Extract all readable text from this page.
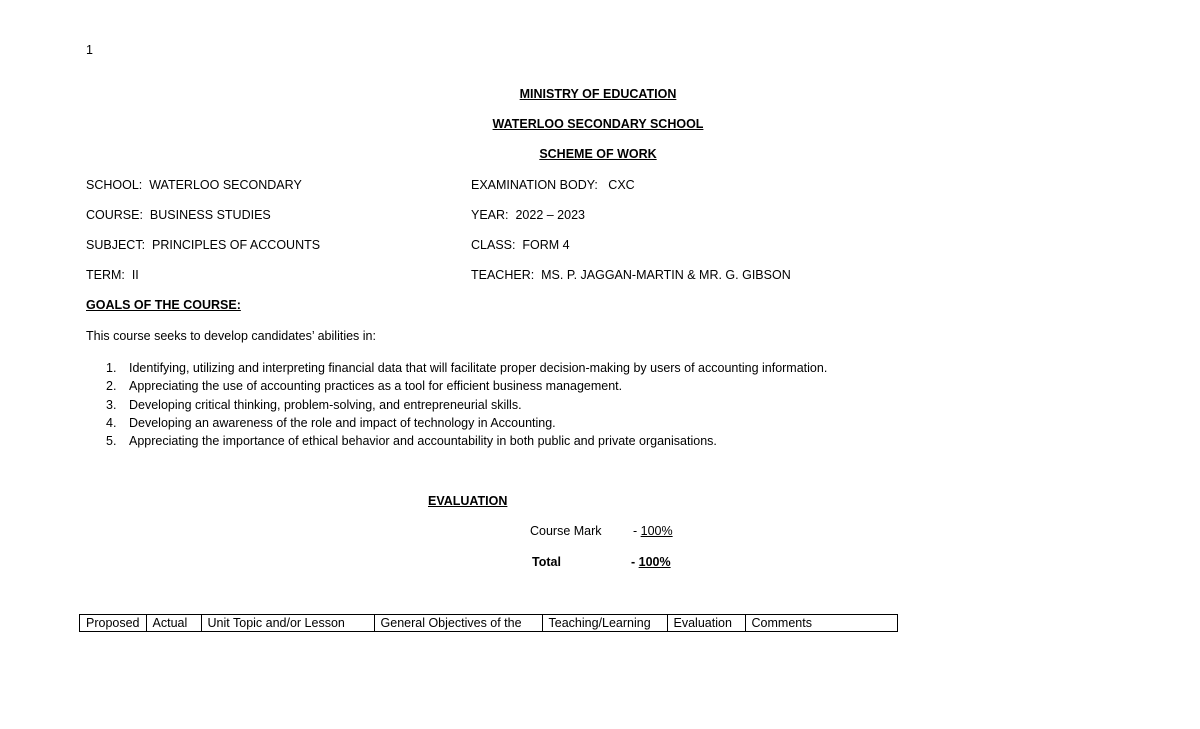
1
MINISTRY OF EDUCATION
WATERLOO SECONDARY SCHOOL
SCHEME OF WORK
SCHOOL:  WATERLOO SECONDARY	EXAMINATION BODY:   CXC
COURSE:  BUSINESS STUDIES	YEAR:  2022 – 2023
SUBJECT:  PRINCIPLES OF ACCOUNTS	CLASS:  FORM 4
TERM:  II	TEACHER:  MS. P. JAGGAN-MARTIN & MR. G. GIBSON
GOALS OF THE COURSE:
This course seeks to develop candidates’ abilities in:
1. Identifying, utilizing and interpreting financial data that will facilitate proper decision-making by users of accounting information.
2. Appreciating the use of accounting practices as a tool for efficient business management.
3. Developing critical thinking, problem-solving, and entrepreneurial skills.
4. Developing an awareness of the role and impact of technology in Accounting.
5. Appreciating the importance of ethical behavior and accountability in both public and private organisations.
EVALUATION
Course Mark	- 100%
Total	- 100%
Proposed	Actual	Unit Topic and/or Lesson	General Objectives of the	Teaching/Learning	Evaluation	Comments
